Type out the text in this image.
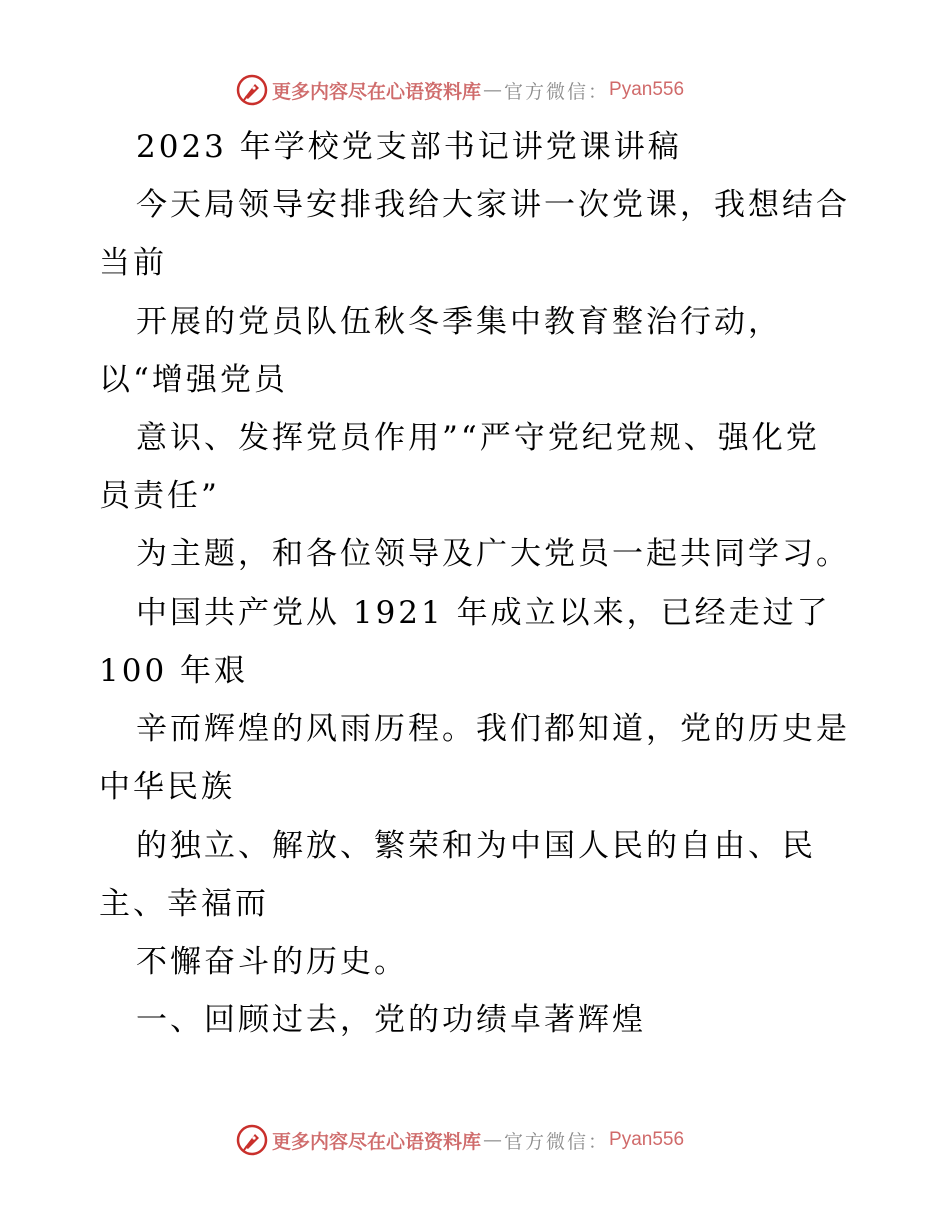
更多内容尽在心语资料库 — 官方微信： Pyan556
2023 年学校党支部书记讲党课讲稿
今天局领导安排我给大家讲一次党课，我想结合
当前
开展的党员队伍秋冬季集中教育整治行动，
以“增强党员
意识、发挥党员作用”“严守党纪党规、强化党
员责任”
为主题，和各位领导及广大党员一起共同学习。
中国共产党从 1921 年成立以来，已经走过了
100 年艰
辛而辉煌的风雨历程。我们都知道，党的历史是
中华民族
的独立、解放、繁荣和为中国人民的自由、民
主、幸福而
不懈奋斗的历史。
一、回顾过去，党的功绩卓著辉煌
更多内容尽在心语资料库 — 官方微信： Pyan556
